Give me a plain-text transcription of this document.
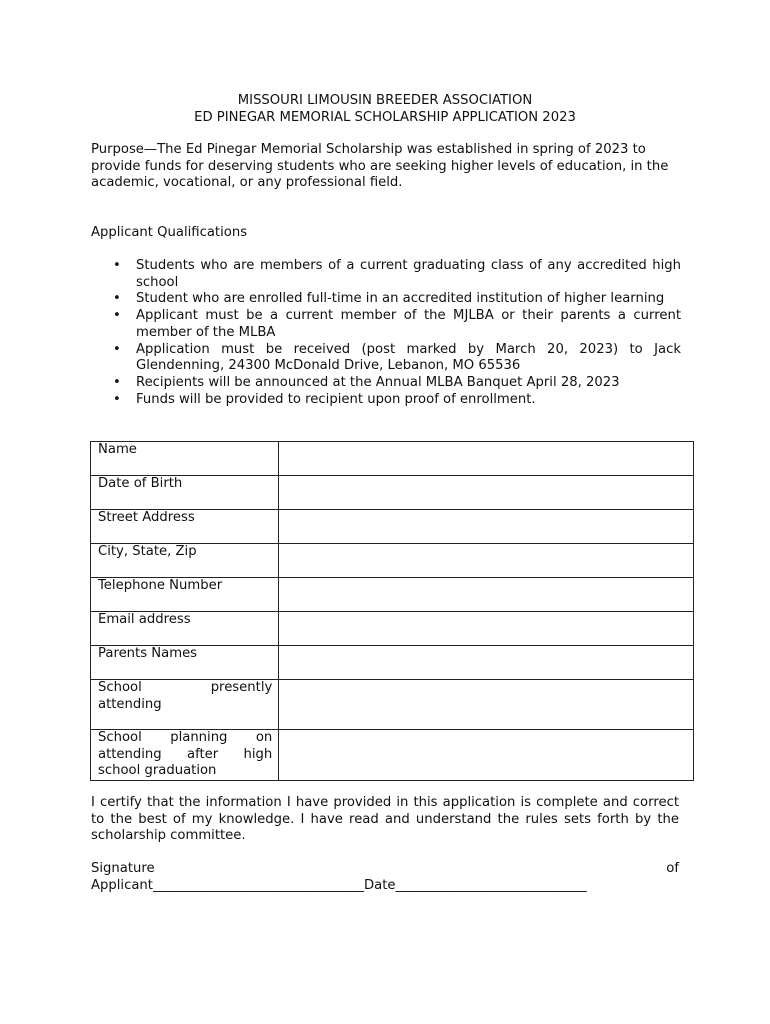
MISSOURI LIMOUSIN BREEDER ASSOCIATION
ED PINEGAR MEMORIAL SCHOLARSHIP APPLICATION 2023
Purpose—The Ed Pinegar Memorial Scholarship was established in spring of 2023 to provide funds for deserving students who are seeking higher levels of education, in the academic, vocational, or any professional field.
Applicant Qualifications
• Students who are members of a current graduating class of any accredited high school
• Student who are enrolled full-time in an accredited institution of higher learning
• Applicant must be a current member of the MJLBA or their parents a current member of the MLBA
• Application must be received (post marked by March 20, 2023) to Jack Glendenning, 24300 McDonald Drive, Lebanon, MO 65536
• Recipients will be announced at the Annual MLBA Banquet April 28, 2023
• Funds will be provided to recipient upon proof of enrollment.
Name	
Date of Birth	
Street Address	
City, State, Zip	
Telephone Number	
Email address	
Parents Names	
School presently attending	
School planning on attending after high school graduation	
I certify that the information I have provided in this application is complete and correct to the best of my knowledge. I have read and understand the rules sets forth by the scholarship committee.
Signature	of
Applicant________________________________Date_____________________________
